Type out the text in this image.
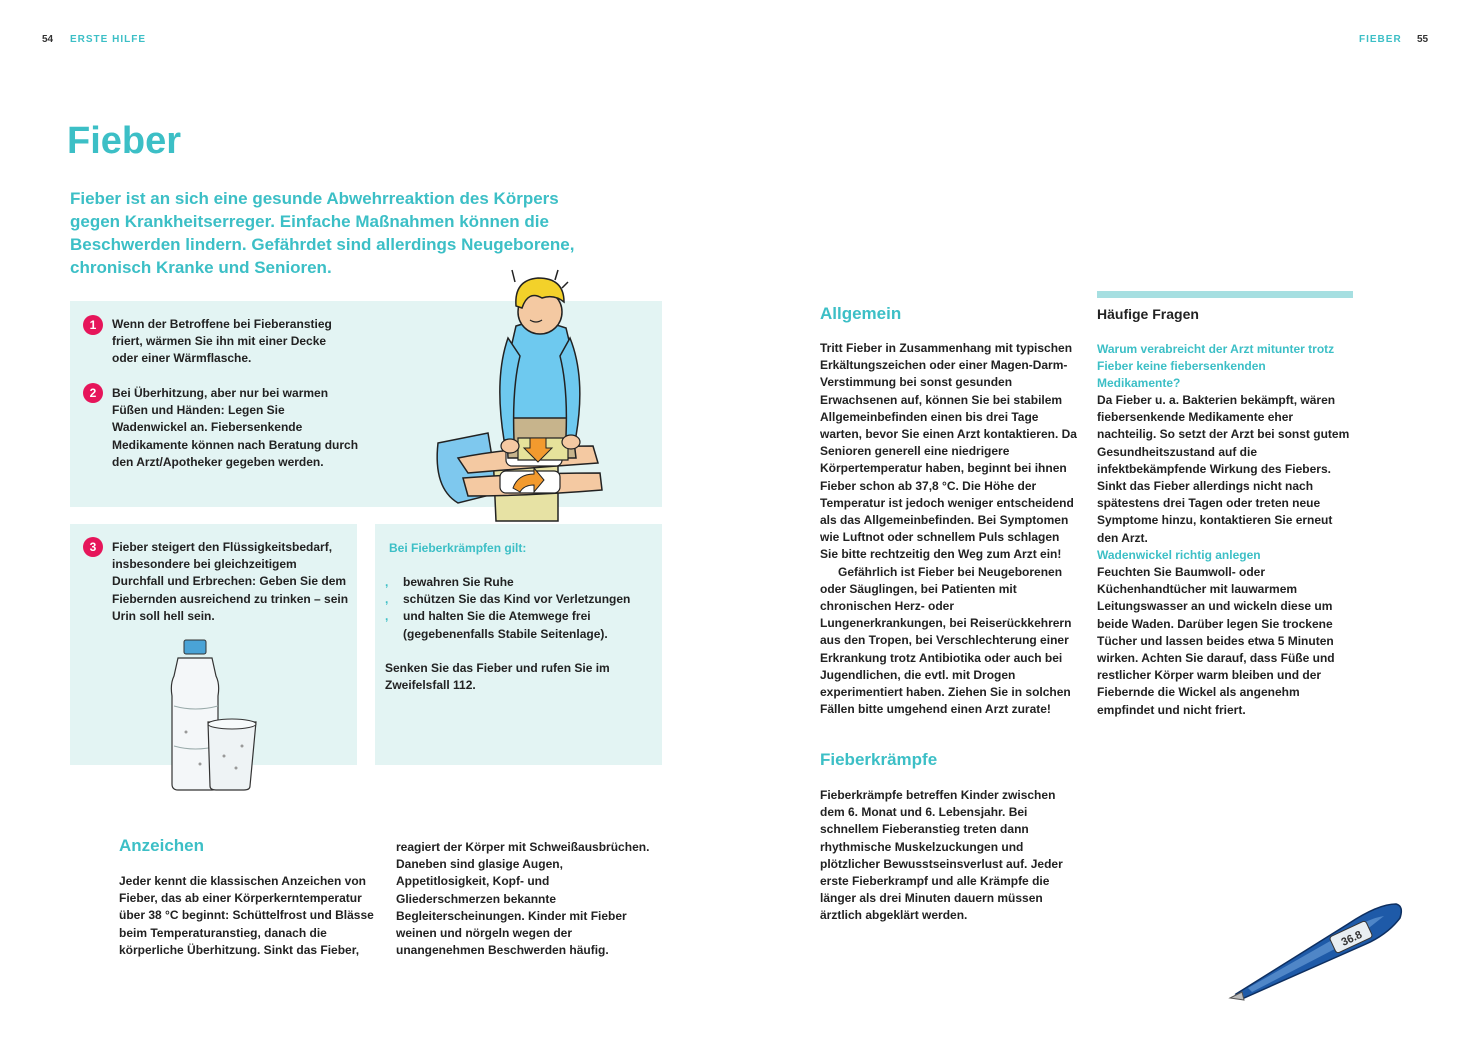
54 ERSTE HILFE	FIEBER 55
Fieber
Fieber ist an sich eine gesunde Abwehrreaktion des Körpers gegen Krankheitserreger. Einfache Maßnahmen können die Beschwerden lindern. Gefährdet sind allerdings Neugeborene, chronisch Kranke und Senioren.
1	Wenn der Betroffene bei Fieberanstieg friert, wärmen Sie ihn mit einer Decke oder einer Wärmflasche.
2	Bei Überhitzung, aber nur bei warmen Füßen und Händen: Legen Sie Wadenwickel an. Fiebersenkende Medikamente können nach Beratung durch den Arzt/Apotheker gegeben werden.
3	Fieber steigert den Flüssigkeitsbedarf, insbesondere bei gleichzeitigem Durchfall und Erbrechen: Geben Sie dem Fiebernden ausreichend zu trinken – sein Urin soll hell sein.
Bei Fieberkrämpfen gilt:
, bewahren Sie Ruhe
, schützen Sie das Kind vor Verletzungen
, und halten Sie die Atemwege frei (gegebenenfalls Stabile Seitenlage).
Senken Sie das Fieber und rufen Sie im Zweifelsfall 112.
Anzeichen
Jeder kennt die klassischen Anzeichen von Fieber, das ab einer Körperkerntemperatur über 38 °C beginnt: Schüttelfrost und Blässe beim Temperaturanstieg, danach die körperliche Überhitzung. Sinkt das Fieber,
reagiert der Körper mit Schweißausbrüchen. Daneben sind glasige Augen, Appetitlosigkeit, Kopf- und Gliederschmerzen bekannte Begleiterscheinungen. Kinder mit Fieber weinen und nörgeln wegen der unangenehmen Beschwerden häufig.
Allgemein

Tritt Fieber in Zusammenhang mit typischen Erkältungszeichen oder einer Magen-Darm-Verstimmung bei sonst gesunden Erwachsenen auf, können Sie bei stabilem Allgemeinbefinden einen bis drei Tage warten, bevor Sie einen Arzt kontaktieren. Da Senioren generell eine niedrigere Körpertemperatur haben, beginnt bei ihnen Fieber schon ab 37,8 °C. Die Höhe der Temperatur ist jedoch weniger entscheidend als das Allgemeinbefinden. Bei Symptomen wie Luftnot oder schnellem Puls schlagen Sie bitte rechtzeitig den Weg zum Arzt ein!

Gefährlich ist Fieber bei Neugeborenen oder Säuglingen, bei Patienten mit chronischen Herz- oder Lungenerkrankungen, bei Reiserückkehrern aus den Tropen, bei Verschlechterung einer Erkrankung trotz Antibiotika oder auch bei Jugendlichen, die evtl. mit Drogen experimentiert haben. Ziehen Sie in solchen Fällen bitte umgehend einen Arzt zurate!

Fieberkrämpfe
Fieberkrämpfe betreffen Kinder zwischen dem 6. Monat und 6. Lebensjahr. Bei schnellem Fieberanstieg treten dann rhythmische Muskelzuckungen und plötzlicher Bewusstseinsverlust auf. Jeder erste Fieberkrampf und alle Krämpfe die länger als drei Minuten dauern müssen ärztlich abgeklärt werden.
Häufige Fragen
Warum verabreicht der Arzt mitunter trotz Fieber keine fiebersenkenden Medikamente?
Da Fieber u. a. Bakterien bekämpft, wären fiebersenkende Medikamente eher nachteilig. So setzt der Arzt bei sonst gutem Gesundheitszustand auf die infektbekämpfende Wirkung des Fiebers. Sinkt das Fieber allerdings nicht nach spätestens drei Tagen oder treten neue Symptome hinzu, kontaktieren Sie erneut den Arzt.
Wadenwickel richtig anlegen
Feuchten Sie Baumwoll- oder Küchenhandtücher mit lauwarmem Leitungswasser an und wickeln diese um beide Waden. Darüber legen Sie trockene Tücher und lassen beides etwa 5 Minuten wirken. Achten Sie darauf, dass Füße und restlicher Körper warm bleiben und der Fiebernde die Wickel als angenehm empfindet und nicht friert.
36.8
